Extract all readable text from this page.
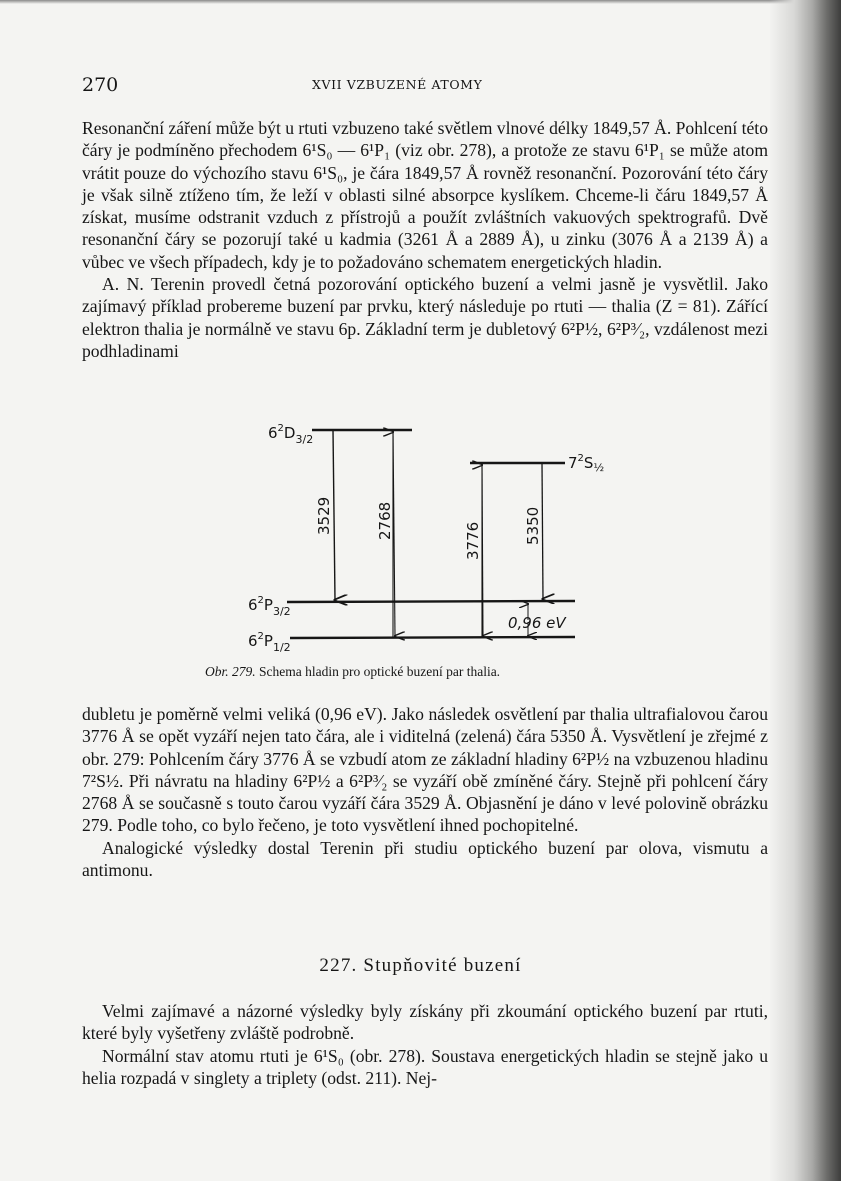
270	XVII VZBUZENÉ ATOMY

Resonanční záření může být u rtuti vzbuzeno také světlem vlnové délky 1849,57 Å. Pohlcení této čáry je podmíněno přechodem 6¹S₀ — 6¹P₁ (viz obr. 278), a protože ze stavu 6¹P₁ se může atom vrátit pouze do výchozího stavu 6¹S₀, je čára 1849,57 Å rovněž resonanční. Pozorování této čáry je však silně ztíženo tím, že leží v oblasti silné absorpce kyslíkem. Chceme-li čáru 1849,57 Å získat, musíme odstranit vzduch z přístrojů a použít zvláštních vakuových spektrografů. Dvě resonanční čáry se pozorují také u kadmia (3261 Å a 2889 Å), u zinku (3076 Å a 2139 Å) a vůbec ve všech případech, kdy je to požadováno schematem energetických hladin.

A. N. Terenin provedl četná pozorování optického buzení a velmi jasně je vysvětlil. Jako zajímavý příklad probereme buzení par prvku, který následuje po rtuti — thalia (Z = 81). Zářící elektron thalia je normálně ve stavu 6p. Základní term je dubletový 6²P½, 6²P³⁄₂, vzdálenost mezi podhladinami

$6^2D_{3/2}$
$7^2S_{\frac{1}{2}}$
$6^2P_{3/2}$
$6^2P_{1/2}$
3529	2768
3776	5350
0,96 eV
Obr. 279. Schema hladin pro optické buzení par thalia.

dubletu je poměrně velmi veliká (0,96 eV). Jako následek osvětlení par thalia ultrafialovou čarou 3776 Å se opět vyzáří nejen tato čára, ale i viditelná (zelená) čára 5350 Å. Vysvětlení je zřejmé z obr. 279: Pohlcením čáry 3776 Å se vzbudí atom ze základní hladiny 6²P½ na vzbuzenou hladinu 7²S½. Při návratu na hladiny 6²P½ a 6²P³⁄₂ se vyzáří obě zmíněné čáry. Stejně při pohlcení čáry 2768 Å se současně s touto čarou vyzáří čára 3529 Å. Objasnění je dáno v levé polovině obrázku 279. Podle toho, co bylo řečeno, je toto vysvětlení ihned pochopitelné.

Analogické výsledky dostal Terenin při studiu optického buzení par olova, vismutu a antimonu.

227. Stupňovité buzení

Velmi zajímavé a názorné výsledky byly získány při zkoumání optického buzení par rtuti, které byly vyšetřeny zvláště podrobně.

Normální stav atomu rtuti je 6¹S₀ (obr. 278). Soustava energetických hladin se stejně jako u helia rozpadá v singlety a triplety (odst. 211). Nej-
